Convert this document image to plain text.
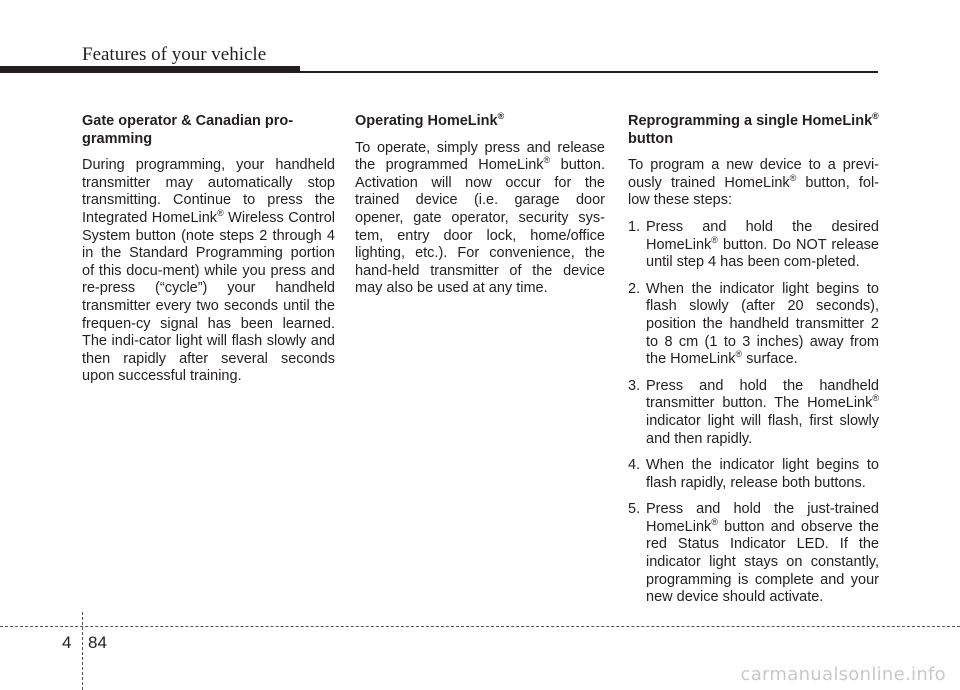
Features of your vehicle

Gate operator & Canadian pro-gramming

During programming, your handheld transmitter may automatically stop transmitting. Continue to press the Integrated HomeLink® Wireless Control System button (note steps 2 through 4 in the Standard Programming portion of this docu-ment) while you press and re-press (“cycle”) your handheld transmitter every two seconds until the frequen-cy signal has been learned. The indi-cator light will flash slowly and then rapidly after several seconds upon successful training.

Operating HomeLink®

To operate, simply press and release the programmed HomeLink® button. Activation will now occur for the trained device (i.e. garage door opener, gate operator, security sys-tem, entry door lock, home/office lighting, etc.). For convenience, the hand-held transmitter of the device may also be used at any time.

Reprogramming a single HomeLink® button

To program a new device to a previ-ously trained HomeLink® button, fol-low these steps:

1. Press and hold the desired HomeLink® button. Do NOT release until step 4 has been com-pleted.
2. When the indicator light begins to flash slowly (after 20 seconds), position the handheld transmitter 2 to 8 cm (1 to 3 inches) away from the HomeLink® surface.
3. Press and hold the handheld transmitter button. The HomeLink® indicator light will flash, first slowly and then rapidly.
4. When the indicator light begins to flash rapidly, release both buttons.
5. Press and hold the just-trained HomeLink® button and observe the red Status Indicator LED. If the indicator light stays on constantly, programming is complete and your new device should activate.
4 84
carmanualsonline.info
